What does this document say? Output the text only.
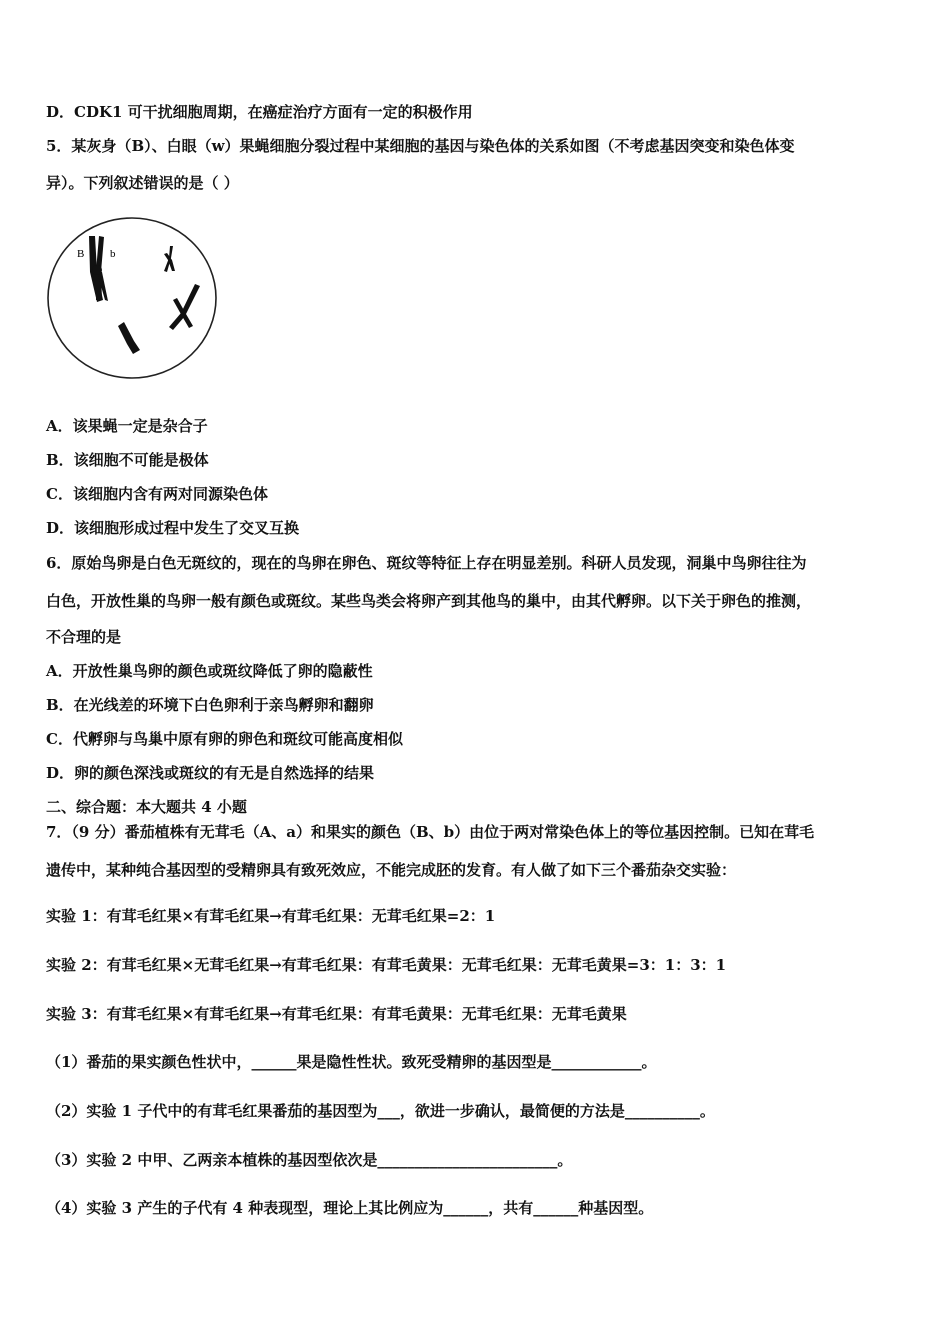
D．CDK1 可干扰细胞周期，在癌症治疗方面有一定的积极作用
5．某灰身（B）、白眼（w）果蝇细胞分裂过程中某细胞的基因与染色体的关系如图（不考虑基因突变和染色体变
异）。下列叙述错误的是（ ）
B b
A．该果蝇一定是杂合子
B．该细胞不可能是极体
C．该细胞内含有两对同源染色体
D．该细胞形成过程中发生了交叉互换
6．原始鸟卵是白色无斑纹的，现在的鸟卵在卵色、斑纹等特征上存在明显差别。科研人员发现，洞巢中鸟卵往往为
白色，开放性巢的鸟卵一般有颜色或斑纹。某些鸟类会将卵产到其他鸟的巢中，由其代孵卵。以下关于卵色的推测，
不合理的是
A．开放性巢鸟卵的颜色或斑纹降低了卵的隐蔽性
B．在光线差的环境下白色卵利于亲鸟孵卵和翻卵
C．代孵卵与鸟巢中原有卵的卵色和斑纹可能高度相似
D．卵的颜色深浅或斑纹的有无是自然选择的结果
二、综合题：本大题共 4 小题
7．（9 分）番茄植株有无茸毛（A、a）和果实的颜色（B、b）由位于两对常染色体上的等位基因控制。已知在茸毛
遗传中，某种纯合基因型的受精卵具有致死效应，不能完成胚的发育。有人做了如下三个番茄杂交实验：
实验 1：有茸毛红果×有茸毛红果→有茸毛红果：无茸毛红果=2：1
实验 2：有茸毛红果×无茸毛红果→有茸毛红果：有茸毛黄果：无茸毛红果：无茸毛黄果=3：1：3：1
实验 3：有茸毛红果×有茸毛红果→有茸毛红果：有茸毛黄果：无茸毛红果：无茸毛黄果
（1）番茄的果实颜色性状中，______果是隐性性状。致死受精卵的基因型是____________。
（2）实验 1 子代中的有茸毛红果番茄的基因型为___，欲进一步确认，最简便的方法是__________。
（3）实验 2 中甲、乙两亲本植株的基因型依次是________________________。
（4）实验 3 产生的子代有 4 种表现型，理论上其比例应为______，共有______种基因型。
